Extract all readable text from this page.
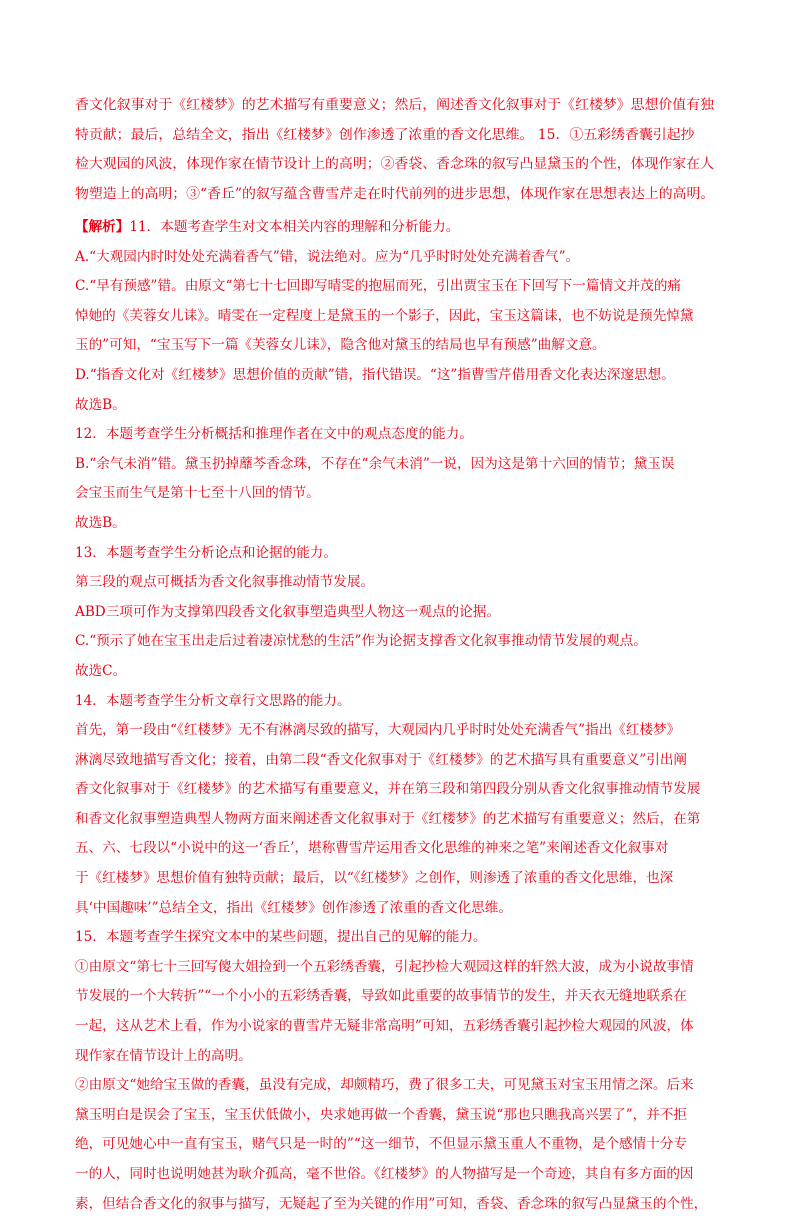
香文化叙事对于《红楼梦》的艺术描写有重要意义；然后，阐述香文化叙事对于《红楼梦》思想价值有独
特贡献；最后，总结全文，指出《红楼梦》创作渗透了浓重的香文化思维。 15．①五彩绣香囊引起抄
检大观园的风波，体现作家在情节设计上的高明；②香袋、香念珠的叙写凸显黛玉的个性，体现作家在人
物塑造上的高明；③“香丘”的叙写蕴含曹雪芹走在时代前列的进步思想，体现作家在思想表达上的高明。
【解析】11．本题考查学生对文本相关内容的理解和分析能力。
A.“大观园内时时处处充满着香气”错，说法绝对。应为“几乎时时处处充满着香气”。
C.“早有预感”错。由原文“第七十七回即写晴雯的抱屈而死，引出贾宝玉在下回写下一篇情文并茂的痛
悼她的《芙蓉女儿诔》。晴雯在一定程度上是黛玉的一个影子，因此，宝玉这篇诔，也不妨说是预先悼黛
玉的”可知，“宝玉写下一篇《芙蓉女儿诔》，隐含他对黛玉的结局也早有预感”曲解文意。
D.“指香文化对《红楼梦》思想价值的贡献”错，指代错误。“这”指曹雪芹借用香文化表达深邃思想。
故选B。
12．本题考查学生分析概括和推理作者在文中的观点态度的能力。
B.“余气未消”错。黛玉扔掉蘼芩香念珠，不存在“余气未消”一说，因为这是第十六回的情节；黛玉误
会宝玉而生气是第十七至十八回的情节。
故选B。
13．本题考查学生分析论点和论据的能力。
第三段的观点可概括为香文化叙事推动情节发展。
ABD三项可作为支撑第四段香文化叙事塑造典型人物这一观点的论据。
C.“预示了她在宝玉出走后过着凄凉忧愁的生活”作为论据支撑香文化叙事推动情节发展的观点。
故选C。
14．本题考查学生分析文章行文思路的能力。
首先，第一段由“《红楼梦》无不有淋漓尽致的描写，大观园内几乎时时处处充满香气”指出《红楼梦》
淋漓尽致地描写香文化；接着，由第二段“香文化叙事对于《红楼梦》的艺术描写具有重要意义”引出阐
香文化叙事对于《红楼梦》的艺术描写有重要意义，并在第三段和第四段分别从香文化叙事推动情节发展
和香文化叙事塑造典型人物两方面来阐述香文化叙事对于《红楼梦》的艺术描写有重要意义；然后，在第
五、六、七段以“小说中的这一‘香丘’，堪称曹雪芹运用香文化思维的神来之笔”来阐述香文化叙事对
于《红楼梦》思想价值有独特贡献；最后，以“《红楼梦》之创作，则渗透了浓重的香文化思维，也深
具‘中国趣味’”总结全文，指出《红楼梦》创作渗透了浓重的香文化思维。
15．本题考查学生探究文本中的某些问题，提出自己的见解的能力。
①由原文“第七十三回写傻大姐捡到一个五彩绣香囊，引起抄检大观园这样的轩然大波，成为小说故事情
节发展的一个大转折”“一个小小的五彩绣香囊，导致如此重要的故事情节的发生，并天衣无缝地联系在
一起，这从艺术上看，作为小说家的曹雪芹无疑非常高明”可知，五彩绣香囊引起抄检大观园的风波，体
现作家在情节设计上的高明。
②由原文“她给宝玉做的香囊，虽没有完成，却颇精巧，费了很多工夫，可见黛玉对宝玉用情之深。后来
黛玉明白是误会了宝玉，宝玉伏低做小，央求她再做一个香囊，黛玉说“那也只瞧我高兴罢了”，并不拒
绝，可见她心中一直有宝玉，赌气只是一时的”“这一细节，不但显示黛玉重人不重物，是个感情十分专
一的人，同时也说明她甚为耿介孤高，毫不世俗。《红楼梦》的人物描写是一个奇迹，其自有多方面的因
素，但结合香文化的叙事与描写，无疑起了至为关键的作用”可知，香袋、香念珠的叙写凸显黛玉的个性，
